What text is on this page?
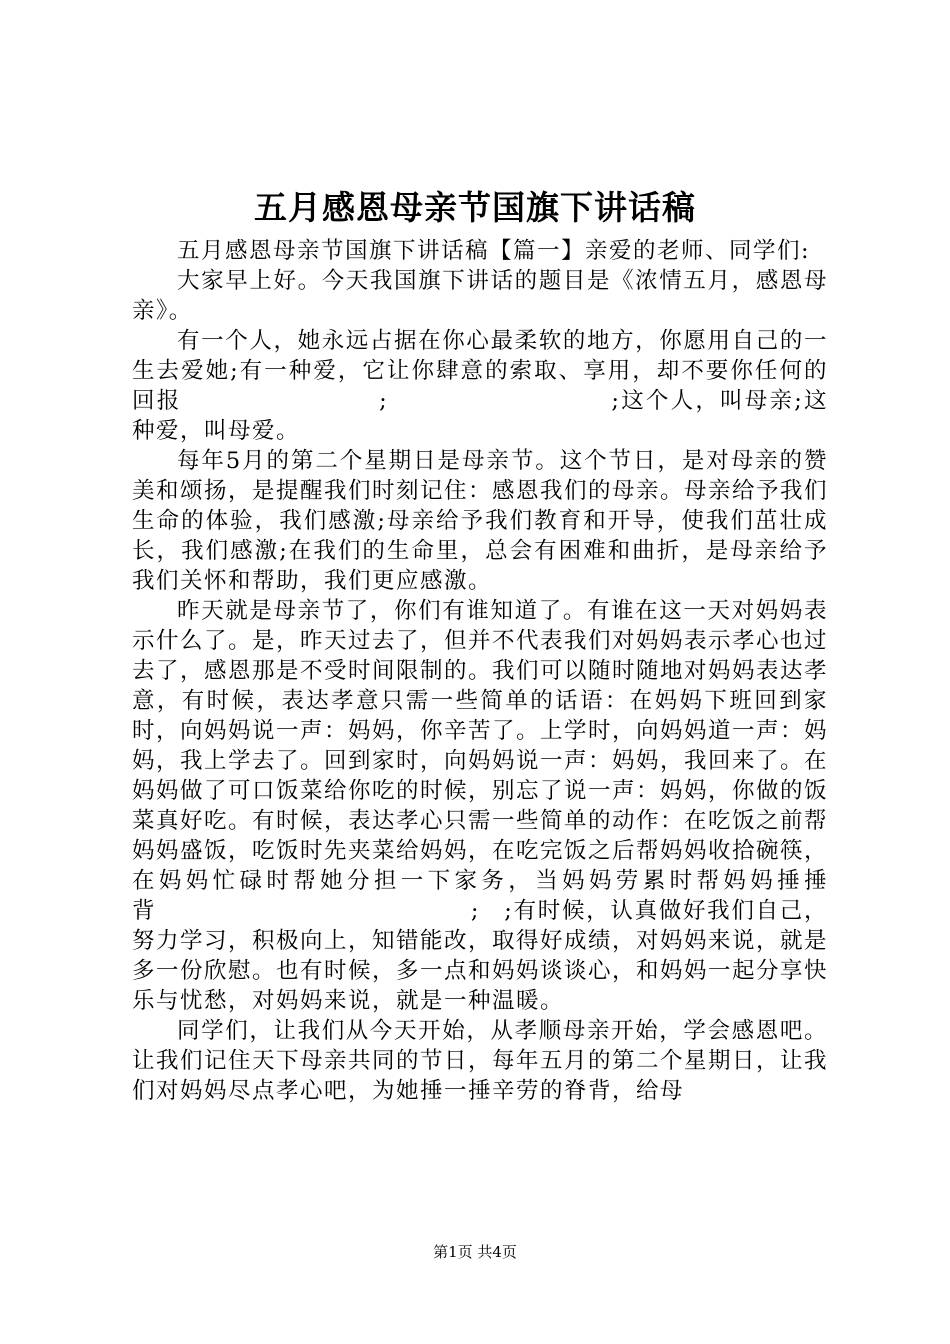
五月感恩母亲节国旗下讲话稿

五月感恩母亲节国旗下讲话稿【篇一】亲爱的老师、同学们:

大家早上好。今天我国旗下讲话的题目是《浓情五月，感恩母亲》。

有一个人，她永远占据在你心最柔软的地方，你愿用自己的一生去爱她;有一种爱，它让你肆意的索取、享用，却不要你任何的回报　　　　　　　　;　　　　　　　　　;这个人，叫母亲;这种爱，叫母爱。

每年5月的第二个星期日是母亲节。这个节日，是对母亲的赞美和颂扬，是提醒我们时刻记住：感恩我们的母亲。母亲给予我们生命的体验，我们感激;母亲给予我们教育和开导，使我们茁壮成长，我们感激;在我们的生命里，总会有困难和曲折，是母亲给予我们关怀和帮助，我们更应感激。

昨天就是母亲节了，你们有谁知道了。有谁在这一天对妈妈表示什么了。是，昨天过去了，但并不代表我们对妈妈表示孝心也过去了，感恩那是不受时间限制的。我们可以随时随地对妈妈表达孝意，有时候，表达孝意只需一些简单的话语：在妈妈下班回到家时，向妈妈说一声：妈妈，你辛苦了。上学时，向妈妈道一声：妈妈，我上学去了。回到家时，向妈妈说一声：妈妈，我回来了。在妈妈做了可口饭菜给你吃的时候，别忘了说一声：妈妈，你做的饭菜真好吃。有时候，表达孝心只需一些简单的动作：在吃饭之前帮妈妈盛饭，吃饭时先夹菜给妈妈，在吃完饭之后帮妈妈收拾碗筷，在妈妈忙碌时帮她分担一下家务，当妈妈劳累时帮妈妈捶捶背　　　　　　　　　　　　　;　;有时候，认真做好我们自己，努力学习，积极向上，知错能改，取得好成绩，对妈妈来说，就是多一份欣慰。也有时候，多一点和妈妈谈谈心，和妈妈一起分享快乐与忧愁，对妈妈来说，就是一种温暖。

同学们，让我们从今天开始，从孝顺母亲开始，学会感恩吧。让我们记住天下母亲共同的节日，每年五月的第二个星期日，让我们对妈妈尽点孝心吧，为她捶一捶辛劳的脊背，给母

第1页 共4页
